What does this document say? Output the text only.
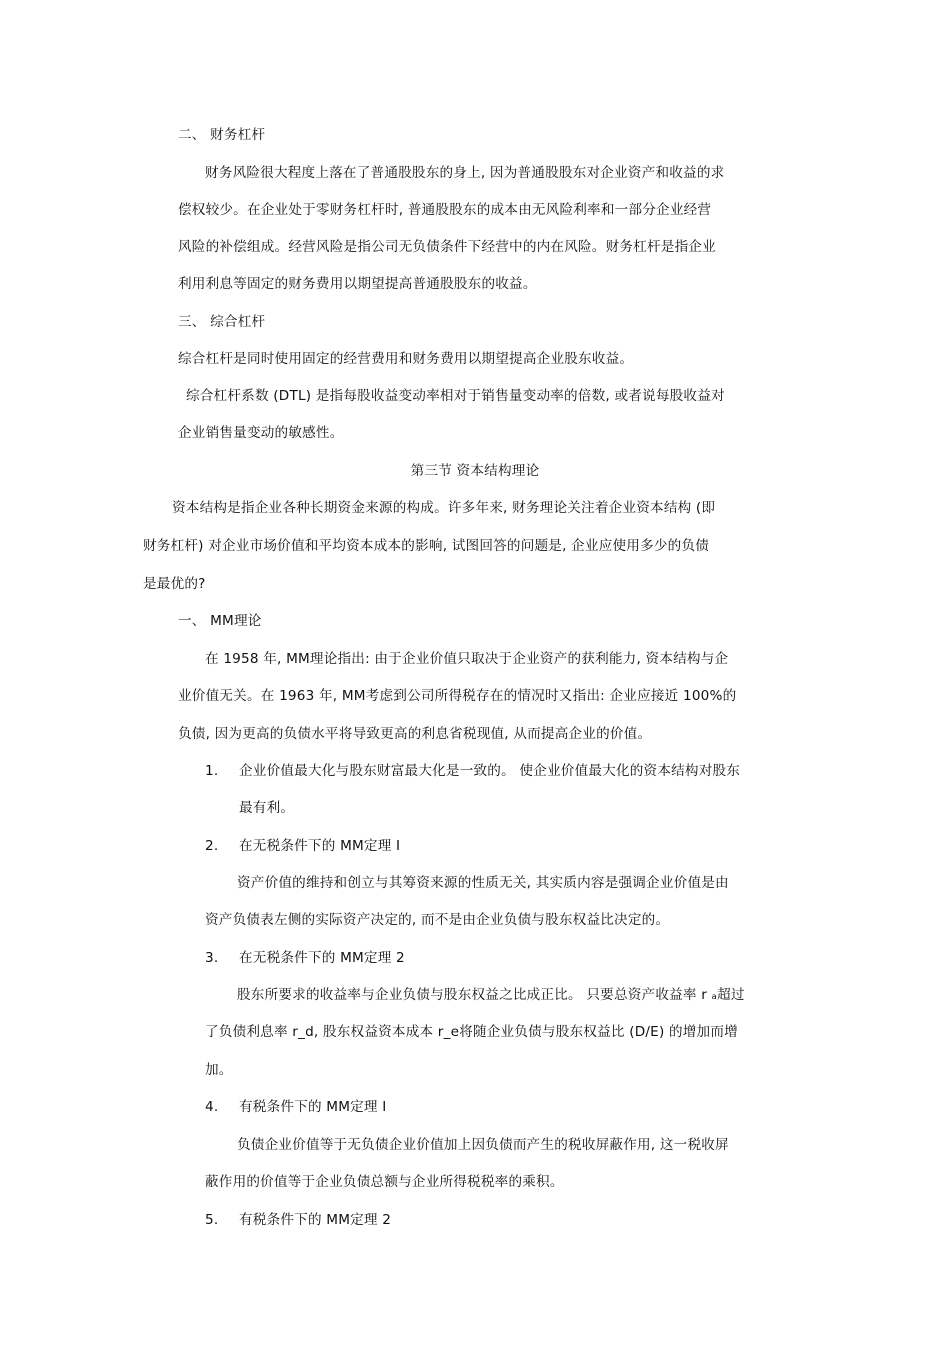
二、 财务杠杆
财务风险很大程度上落在了普通股股东的身上, 因为普通股股东对企业资产和收益的求
偿权较少。在企业处于零财务杠杆时, 普通股股东的成本由无风险利率和一部分企业经营
风险的补偿组成。经营风险是指公司无负债条件下经营中的内在风险。财务杠杆是指企业
利用利息等固定的财务费用以期望提高普通股股东的收益。
三、 综合杠杆
综合杠杆是同时使用固定的经营费用和财务费用以期望提高企业股东收益。
综合杠杆系数 (DTL) 是指每股收益变动率相对于销售量变动率的倍数, 或者说每股收益对
企业销售量变动的敏感性。
第三节 资本结构理论
资本结构是指企业各种长期资金来源的构成。许多年来, 财务理论关注着企业资本结构 (即
财务杠杆) 对企业市场价值和平均资本成本的影响, 试图回答的问题是, 企业应使用多少的负债
是最优的?
一、 MM理论
在 1958 年, MM理论指出: 由于企业价值只取决于企业资产的获利能力, 资本结构与企
业价值无关。在 1963 年, MM考虑到公司所得税存在的情况时又指出: 企业应接近 100%的
负债, 因为更高的负债水平将导致更高的利息省税现值, 从而提高企业的价值。
1. 企业价值最大化与股东财富最大化是一致的。 使企业价值最大化的资本结构对股东
最有利。
2. 在无税条件下的 MM定理 I
资产价值的维持和创立与其筹资来源的性质无关, 其实质内容是强调企业价值是由
资产负债表左侧的实际资产决定的, 而不是由企业负债与股东权益比决定的。
3. 在无税条件下的 MM定理 2
股东所要求的收益率与企业负债与股东权益之比成正比。 只要总资产收益率 r ₐ超过
了负债利息率 r_d, 股东权益资本成本 r_e将随企业负债与股东权益比 (D/E) 的增加而增
加。
4. 有税条件下的 MM定理 I
负债企业价值等于无负债企业价值加上因负债而产生的税收屏蔽作用, 这一税收屏
蔽作用的价值等于企业负债总额与企业所得税税率的乘积。
5. 有税条件下的 MM定理 2
